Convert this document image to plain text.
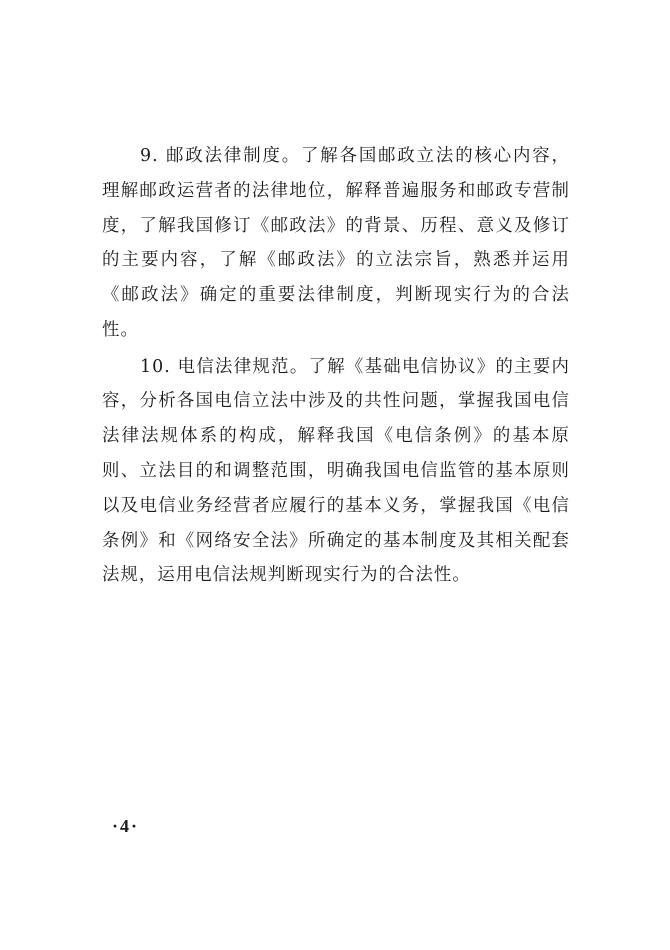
9. 邮政法律制度。了解各国邮政立法的核心内容，理解邮政运营者的法律地位，解释普遍服务和邮政专营制度，了解我国修订《邮政法》的背景、历程、意义及修订的主要内容，了解《邮政法》的立法宗旨，熟悉并运用《邮政法》确定的重要法律制度，判断现实行为的合法性。

10. 电信法律规范。了解《基础电信协议》的主要内容，分析各国电信立法中涉及的共性问题，掌握我国电信法律法规体系的构成，解释我国《电信条例》的基本原则、立法目的和调整范围，明确我国电信监管的基本原则以及电信业务经营者应履行的基本义务，掌握我国《电信条例》和《网络安全法》所确定的基本制度及其相关配套法规，运用电信法规判断现实行为的合法性。

·4·
